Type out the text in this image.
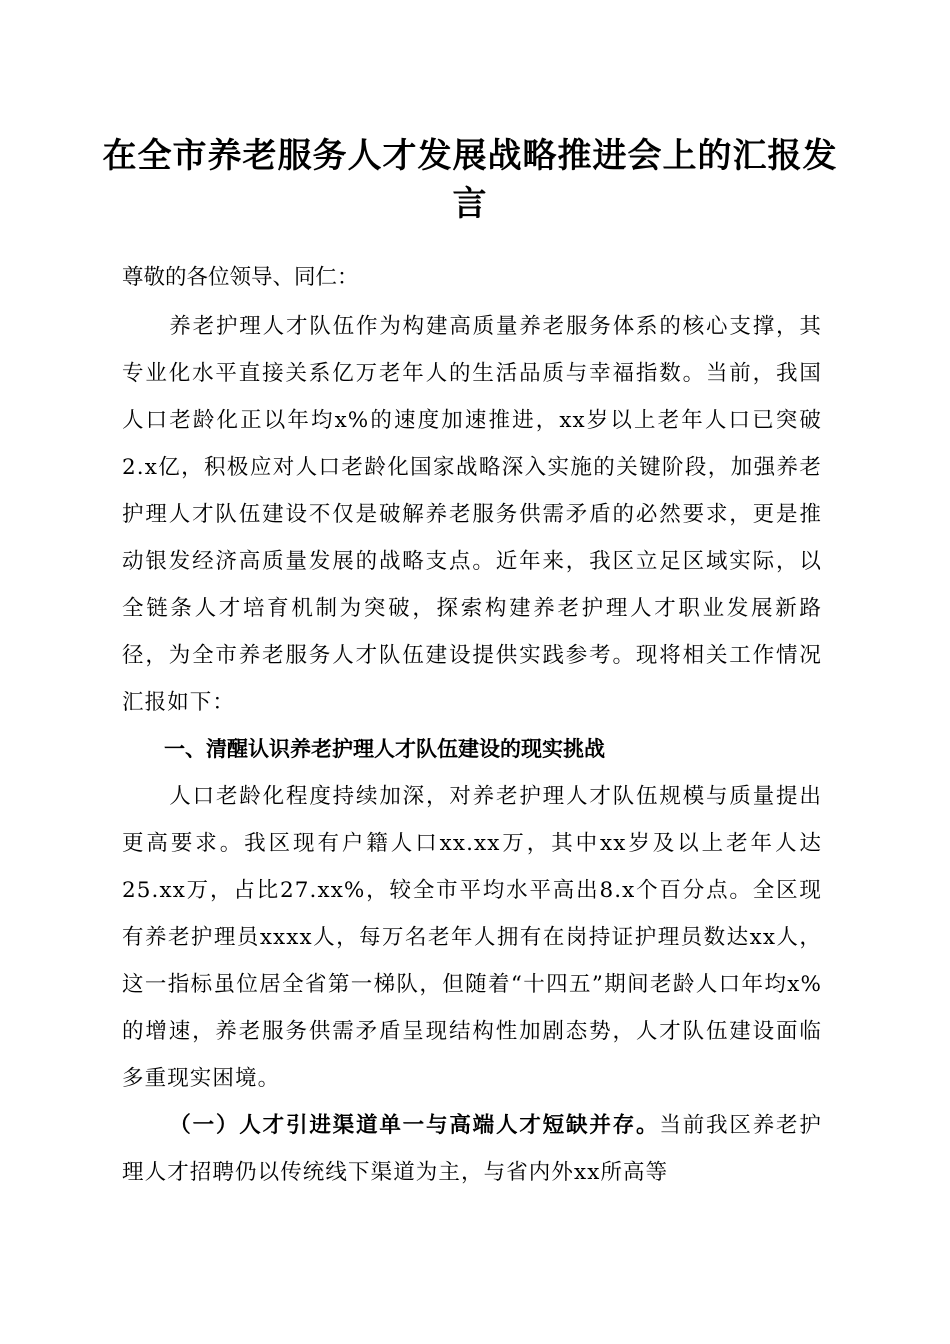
在全市养老服务人才发展战略推进会上的汇报发言

尊敬的各位领导、同仁：

养老护理人才队伍作为构建高质量养老服务体系的核心支撑，其专业化水平直接关系亿万老年人的生活品质与幸福指数。当前，我国人口老龄化正以年均x%的速度加速推进，xx岁以上老年人口已突破2.x亿，积极应对人口老龄化国家战略深入实施的关键阶段，加强养老护理人才队伍建设不仅是破解养老服务供需矛盾的必然要求，更是推动银发经济高质量发展的战略支点。近年来，我区立足区域实际，以全链条人才培育机制为突破，探索构建养老护理人才职业发展新路径，为全市养老服务人才队伍建设提供实践参考。现将相关工作情况汇报如下：

一、清醒认识养老护理人才队伍建设的现实挑战

人口老龄化程度持续加深，对养老护理人才队伍规模与质量提出更高要求。我区现有户籍人口xx.xx万，其中xx岁及以上老年人达25.xx万，占比27.xx%，较全市平均水平高出8.x个百分点。全区现有养老护理员xxxx人，每万名老年人拥有在岗持证护理员数达xx人，这一指标虽位居全省第一梯队，但随着“十四五”期间老龄人口年均x%的增速，养老服务供需矛盾呈现结构性加剧态势，人才队伍建设面临多重现实困境。

（一）人才引进渠道单一与高端人才短缺并存。当前我区养老护理人才招聘仍以传统线下渠道为主，与省内外xx所高等
